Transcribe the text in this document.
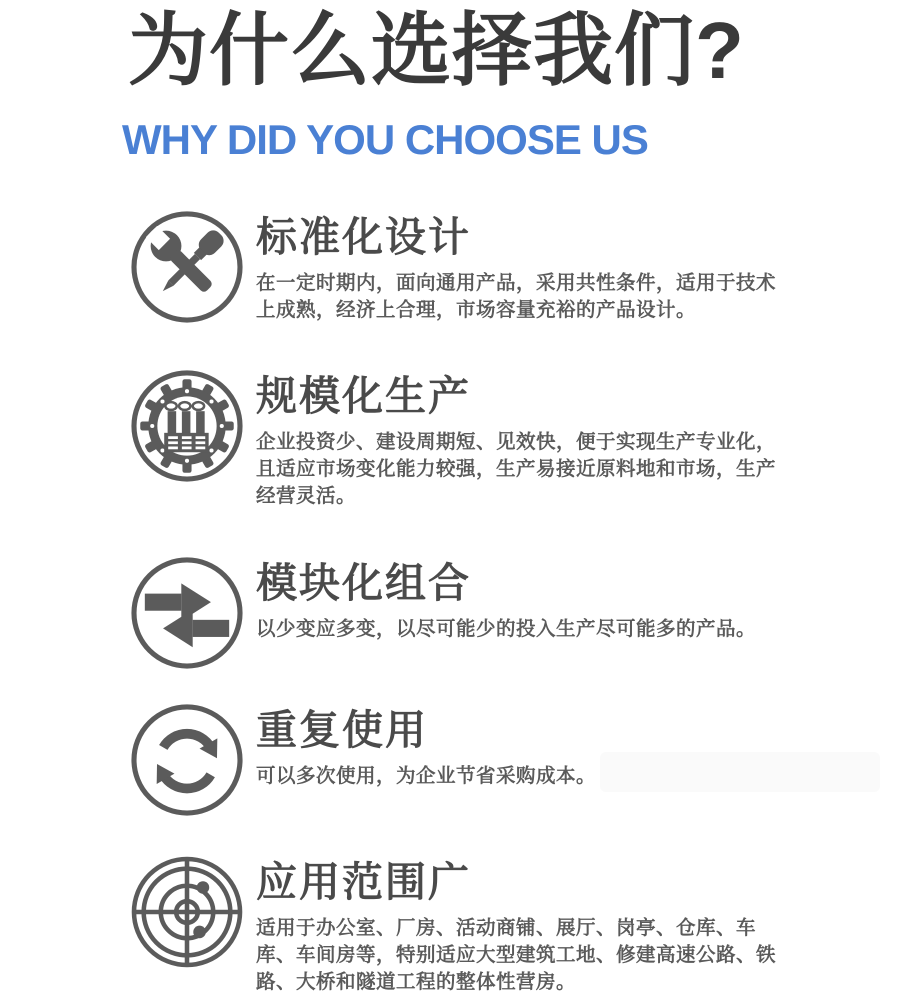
为什么选择我们?
WHY DID YOU CHOOSE US
标准化设计

在一定时期内，面向通用产品，采用共性条件，适用于技术上成熟，经济上合理，市场容量充裕的产品设计。

规模化生产

企业投资少、建设周期短、见效快，便于实现生产专业化，且适应市场变化能力较强，生产易接近原料地和市场，生产经营灵活。

模块化组合

以少变应多变，以尽可能少的投入生产尽可能多的产品。

重复使用

可以多次使用，为企业节省采购成本。

应用范围广

适用于办公室、厂房、活动商铺、展厅、岗亭、仓库、车库、车间房等，特别适应大型建筑工地、修建高速公路、铁路、大桥和隧道工程的整体性营房。
